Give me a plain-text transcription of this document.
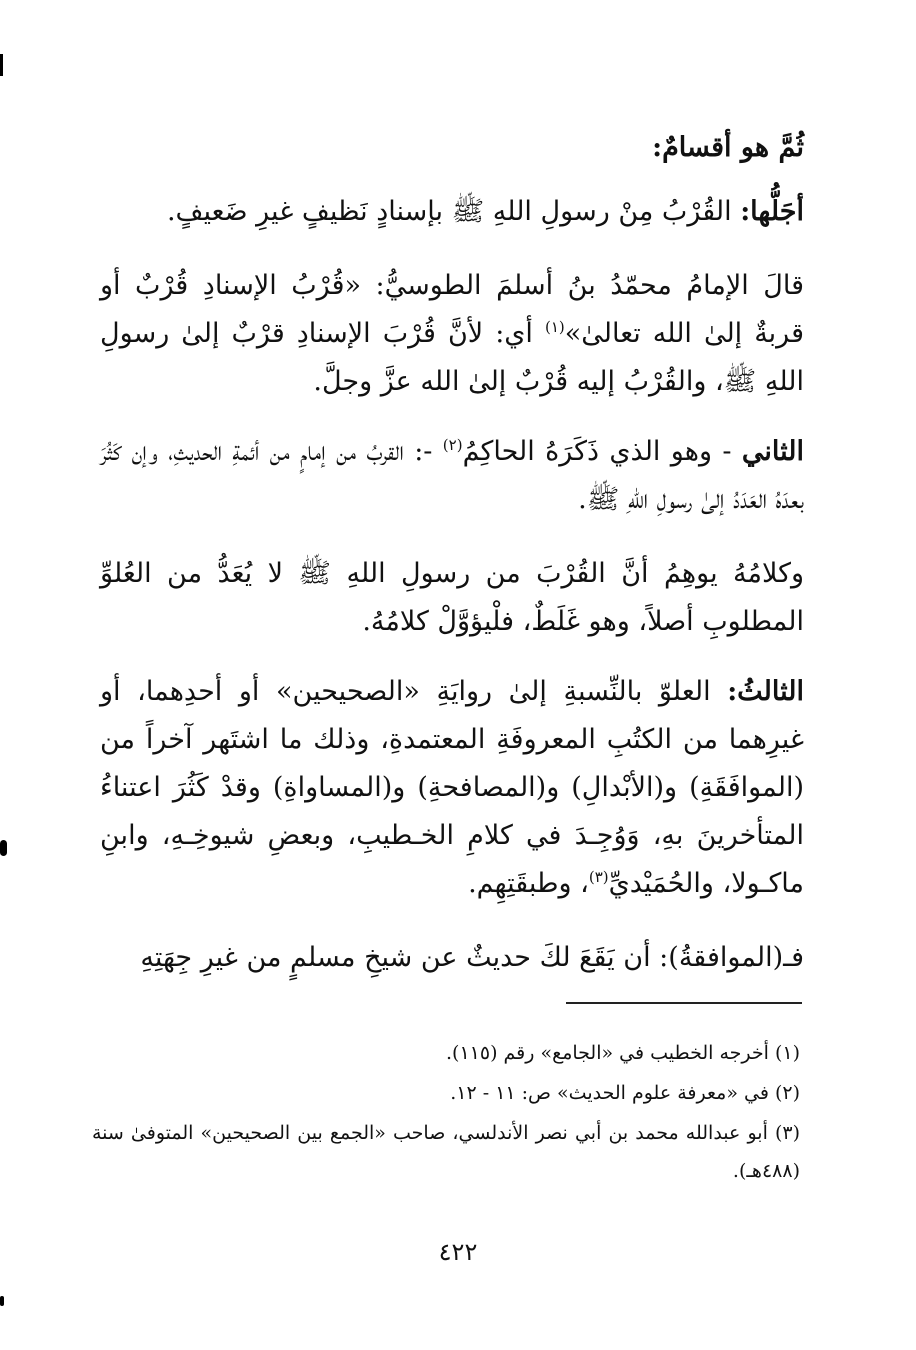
ثُمَّ هو أقسامٌ:
أجَلُّها: القُرْبُ مِنْ رسولِ اللهِ ﷺ بإسنادٍ نَظيفٍ غيرِ ضَعيفٍ.
قالَ الإمامُ محمّدُ بنُ أسلمَ الطوسيُّ: «قُرْبُ الإسنادِ قُرْبٌ أو قربةٌ إلىٰ الله تعالىٰ»$^{(١)}$ أي: لأنَّ قُرْبَ الإسنادِ قرْبٌ إلىٰ رسولِ اللهِ ﷺ، والقُرْبُ إليه قُرْبٌ إلىٰ الله عزَّ وجلَّ.
الثاني - وهو الذي ذَكَرَهُ الحاكِمُ$^{(٢)}$ -: القربُ من إمامٍ من أئمةِ الحديثِ، وإن كَثُرَ بعدَهُ العَدَدُ إلىٰ رسولِ اللهِ ﷺ.
وكلامُهُ يوهِمُ أنَّ القُرْبَ من رسولِ اللهِ ﷺ لا يُعَدُّ من العُلوِّ المطلوبِ أصلاً، وهو غَلَطٌ، فلْيؤوَّلْ كلامُهُ.
الثالثُ: العلوّ بالنِّسبةِ إلىٰ روايَةِ «الصحيحين» أو أحدِهما، أو غيرِهما من الكتُبِ المعروفَةِ المعتمدةِ، وذلك ما اشتَهر آخراً من (الموافَقَةِ) و(الأبْدالِ) و(المصافحةِ) و(المساواةِ) وقدْ كَثُرَ اعتناءُ المتأخرينَ بهِ، وَوُجِـدَ في كلامِ الخـطيبِ، وبعضِ شيوخِـهِ، وابنِ ماكـولا، والحُمَيْديِّ$^{(٣)}$، وطبقَتِهِم.
فـ(الموافقةُ): أن يَقَعَ لكَ حديثٌ عن شيخِ مسلمٍ من غيرِ جِهَتِهِ
(١) أخرجه الخطيب في «الجامع» رقم (١١٥).
(٢) في «معرفة علوم الحديث» ص: ١١ - ١٢.
(٣) أبو عبدالله محمد بن أبي نصر الأندلسي، صاحب «الجمع بين الصحيحين» المتوفىٰ سنة (٤٨٨هـ).
٤٢٢
